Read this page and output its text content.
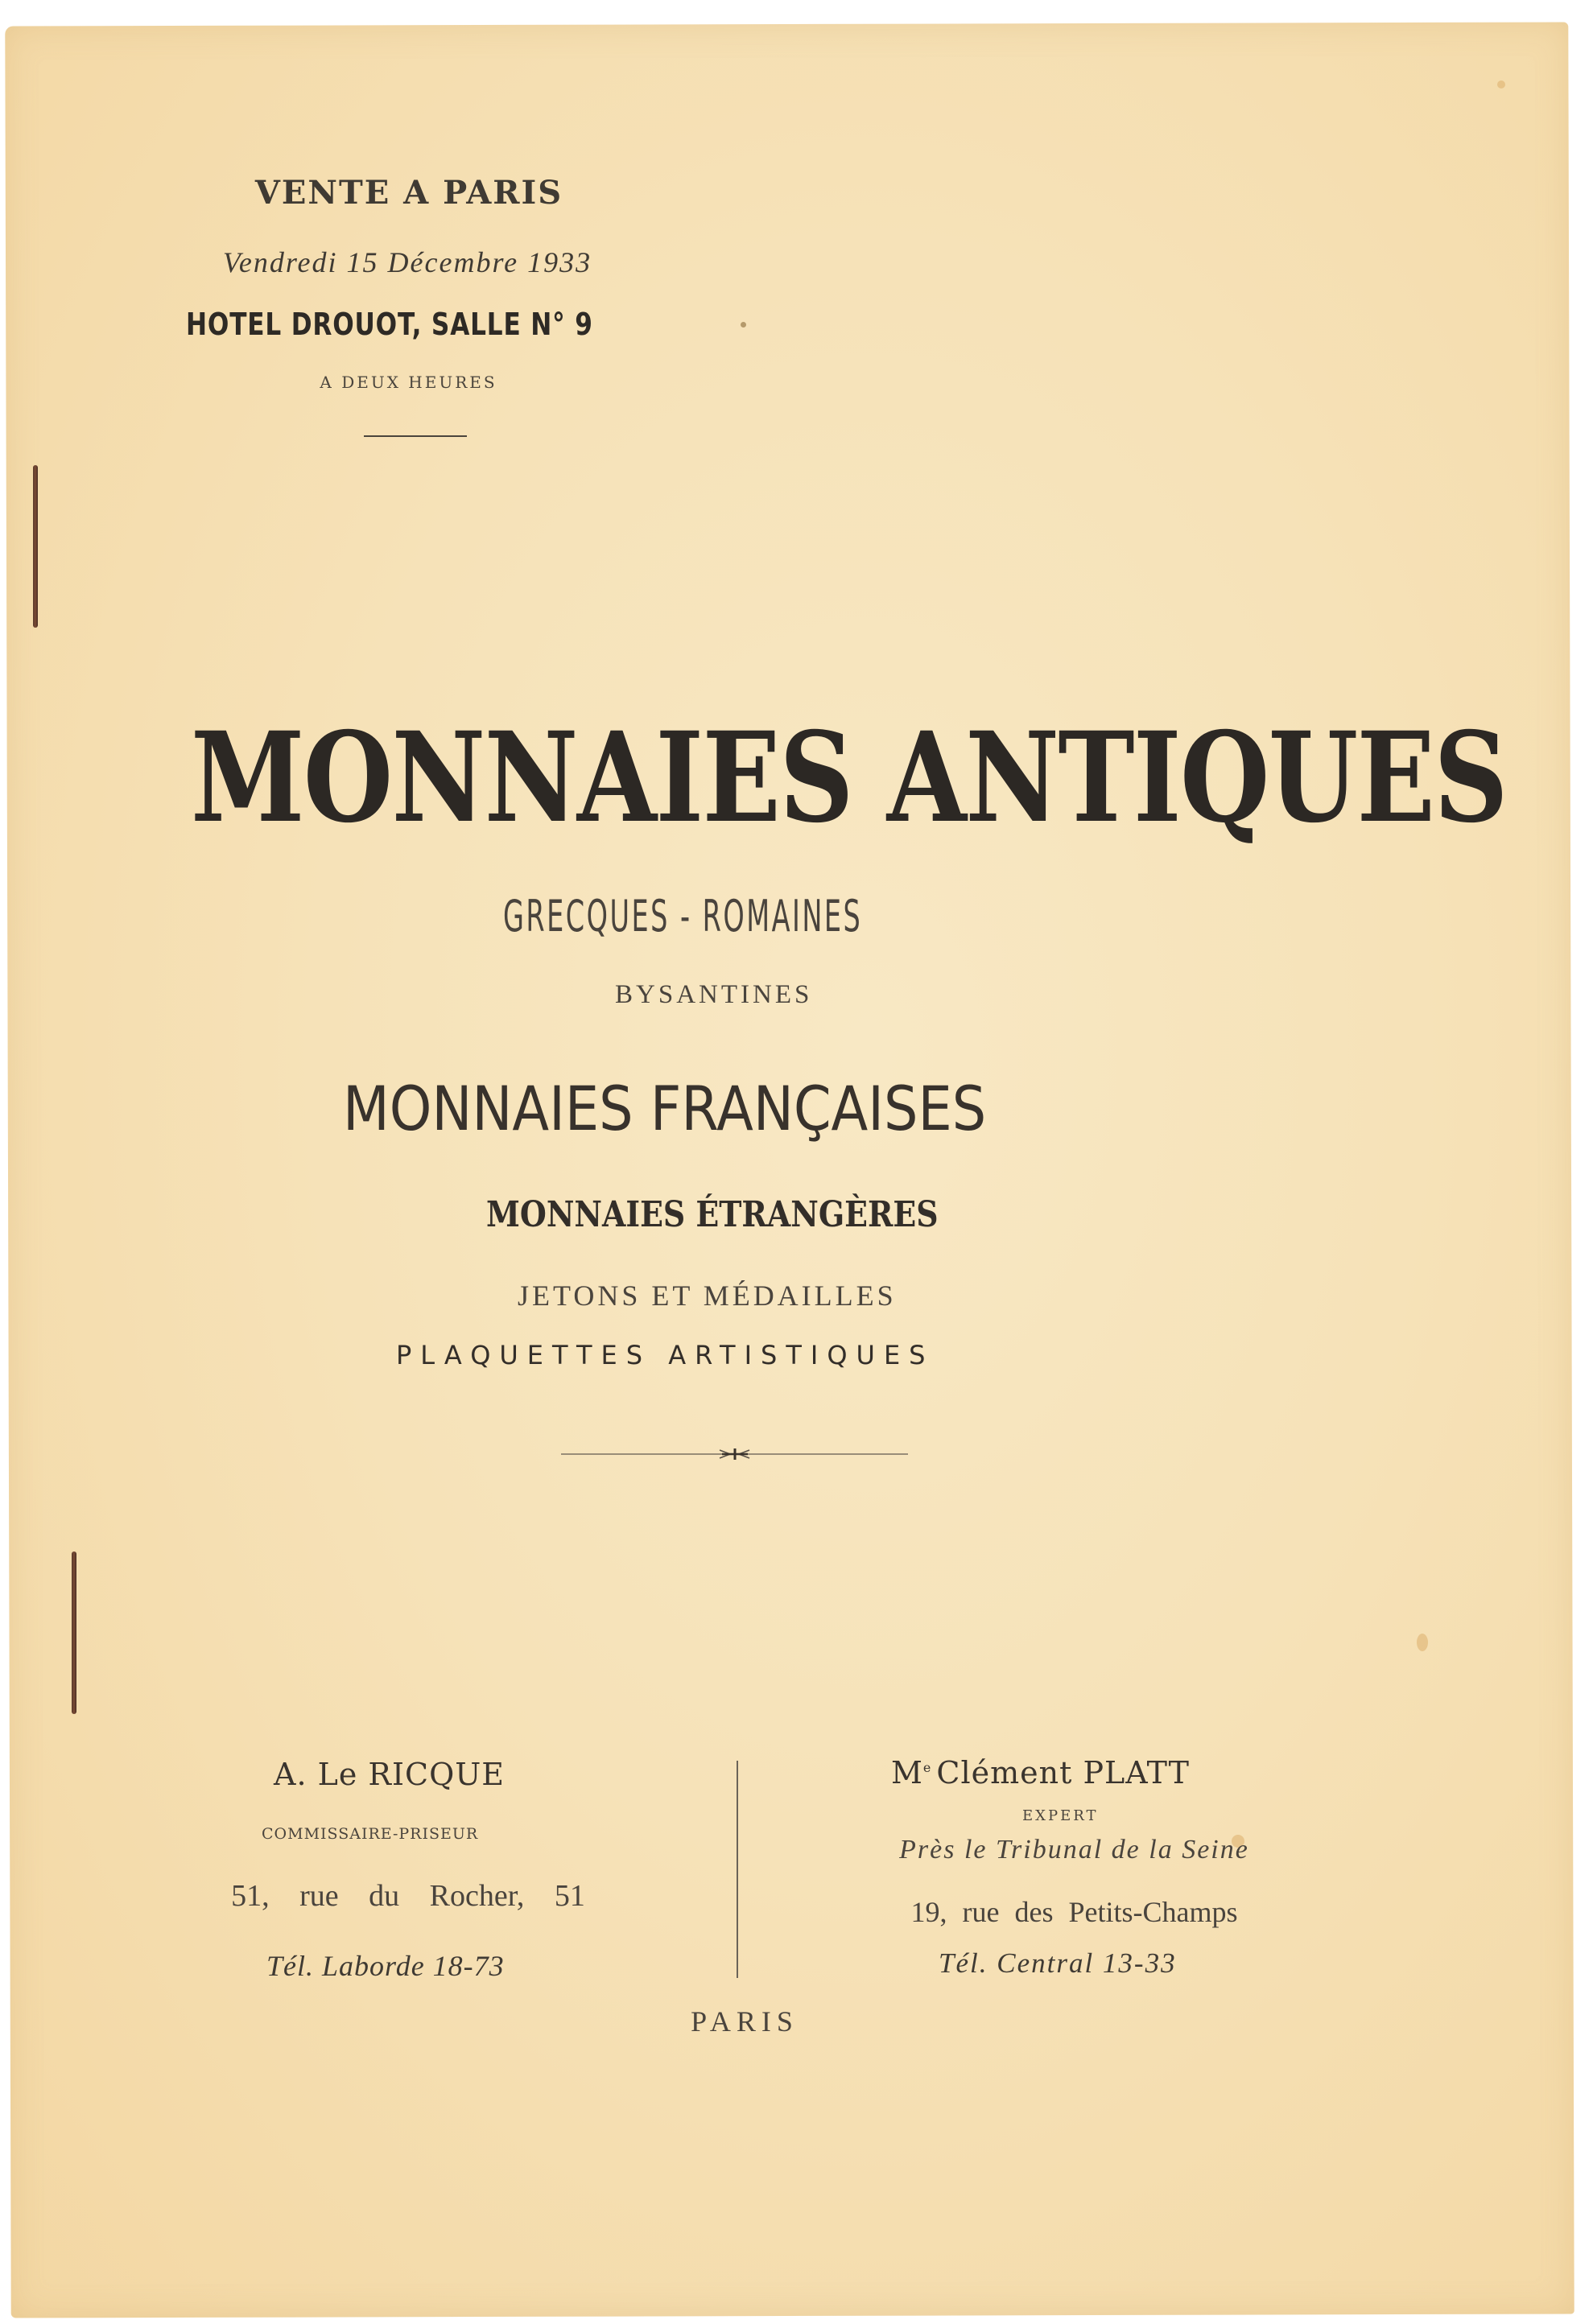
VENTE A PARIS
Vendredi 15 Décembre 1933
HOTEL DROUOT, SALLE N° 9
A DEUX HEURES
MONNAIES ANTIQUES
GRECQUES - ROMAINES
BYSANTINES
MONNAIES FRANÇAISES
MONNAIES ÉTRANGÈRES
JETONS ET MÉDAILLES
PLAQUETTES ARTISTIQUES
A. Le RICQUE
COMMISSAIRE-PRISEUR
51, rue du Rocher, 51
Tél. Laborde 18-73
Me Clément PLATT
EXPERT
Près le Tribunal de la Seine
19, rue des Petits-Champs
Tél. Central 13-33
PARIS
